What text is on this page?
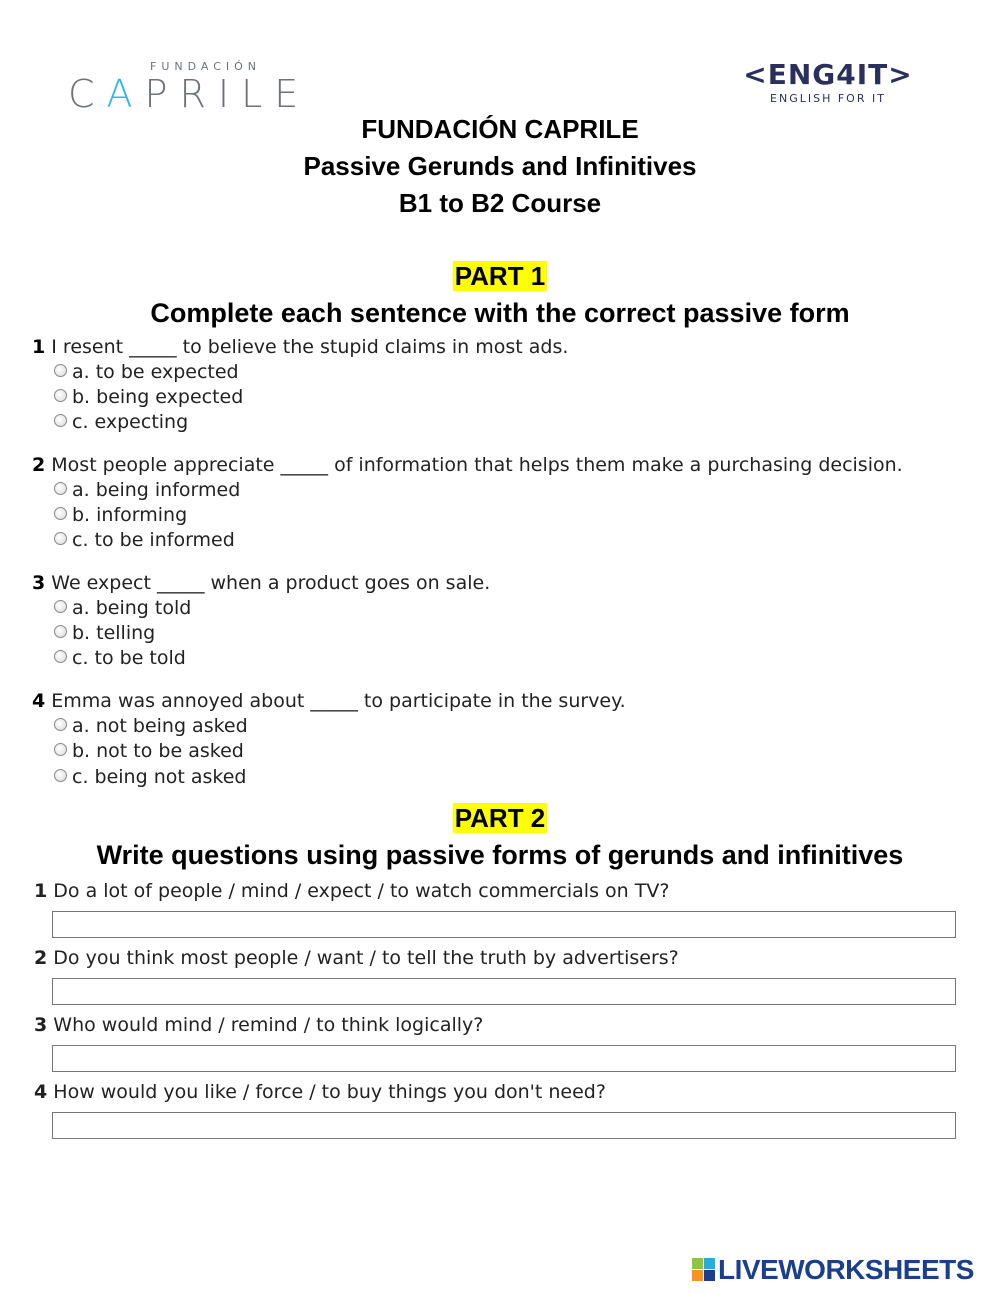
FUNDACIÓN
CAPRILE	<ENG4IT>
ENGLISH FOR IT
FUNDACIÓN CAPRILE
Passive Gerunds and Infinitives
B1 to B2 Course
PART 1
Complete each sentence with the correct passive form
1 I resent _____ to believe the stupid claims in most ads.
a. to be expected
b. being expected
c. expecting
2 Most people appreciate _____ of information that helps them make a purchasing decision.
a. being informed
b. informing
c. to be informed
3 We expect _____ when a product goes on sale.
a. being told
b. telling
c. to be told
4 Emma was annoyed about _____ to participate in the survey.
a. not being asked
b. not to be asked
c. being not asked
PART 2
Write questions using passive forms of gerunds and infinitives
1 Do a lot of people / mind / expect / to watch commercials on TV?
2 Do you think most people / want / to tell the truth by advertisers?
3 Who would mind / remind / to think logically?
4 How would you like / force / to buy things you don't need?
LIVEWORKSHEETS
